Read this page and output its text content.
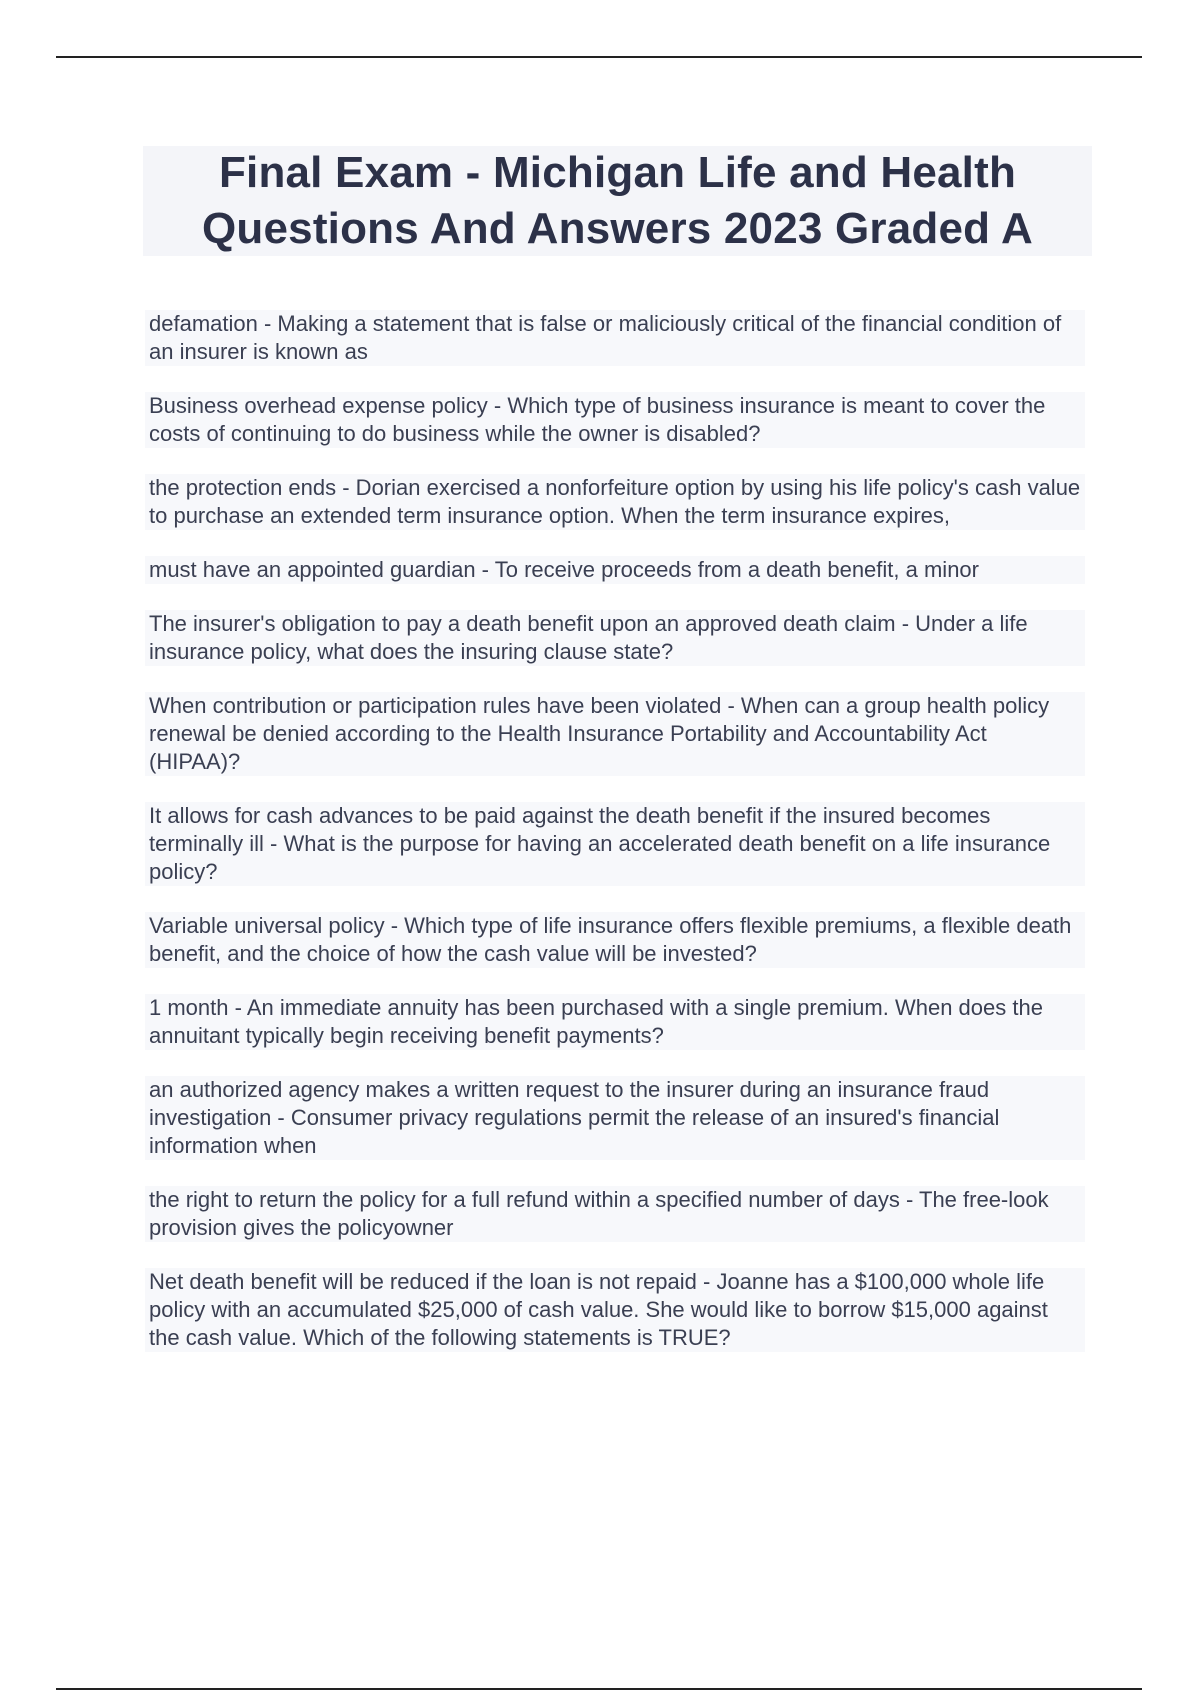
Final Exam - Michigan Life and Health
Questions And Answers 2023 Graded A

defamation - Making a statement that is false or maliciously critical of the financial condition of an insurer is known as

Business overhead expense policy - Which type of business insurance is meant to cover the costs of continuing to do business while the owner is disabled?

the protection ends - Dorian exercised a nonforfeiture option by using his life policy's cash value to purchase an extended term insurance option. When the term insurance expires,

must have an appointed guardian - To receive proceeds from a death benefit, a minor

The insurer's obligation to pay a death benefit upon an approved death claim - Under a life insurance policy, what does the insuring clause state?

When contribution or participation rules have been violated - When can a group health policy renewal be denied according to the Health Insurance Portability and Accountability Act (HIPAA)?

It allows for cash advances to be paid against the death benefit if the insured becomes terminally ill - What is the purpose for having an accelerated death benefit on a life insurance policy?

Variable universal policy - Which type of life insurance offers flexible premiums, a flexible death benefit, and the choice of how the cash value will be invested?

1 month - An immediate annuity has been purchased with a single premium. When does the annuitant typically begin receiving benefit payments?

an authorized agency makes a written request to the insurer during an insurance fraud investigation - Consumer privacy regulations permit the release of an insured's financial information when

the right to return the policy for a full refund within a specified number of days - The free-look provision gives the policyowner

Net death benefit will be reduced if the loan is not repaid - Joanne has a $100,000 whole life policy with an accumulated $25,000 of cash value. She would like to borrow $15,000 against the cash value. Which of the following statements is TRUE?
